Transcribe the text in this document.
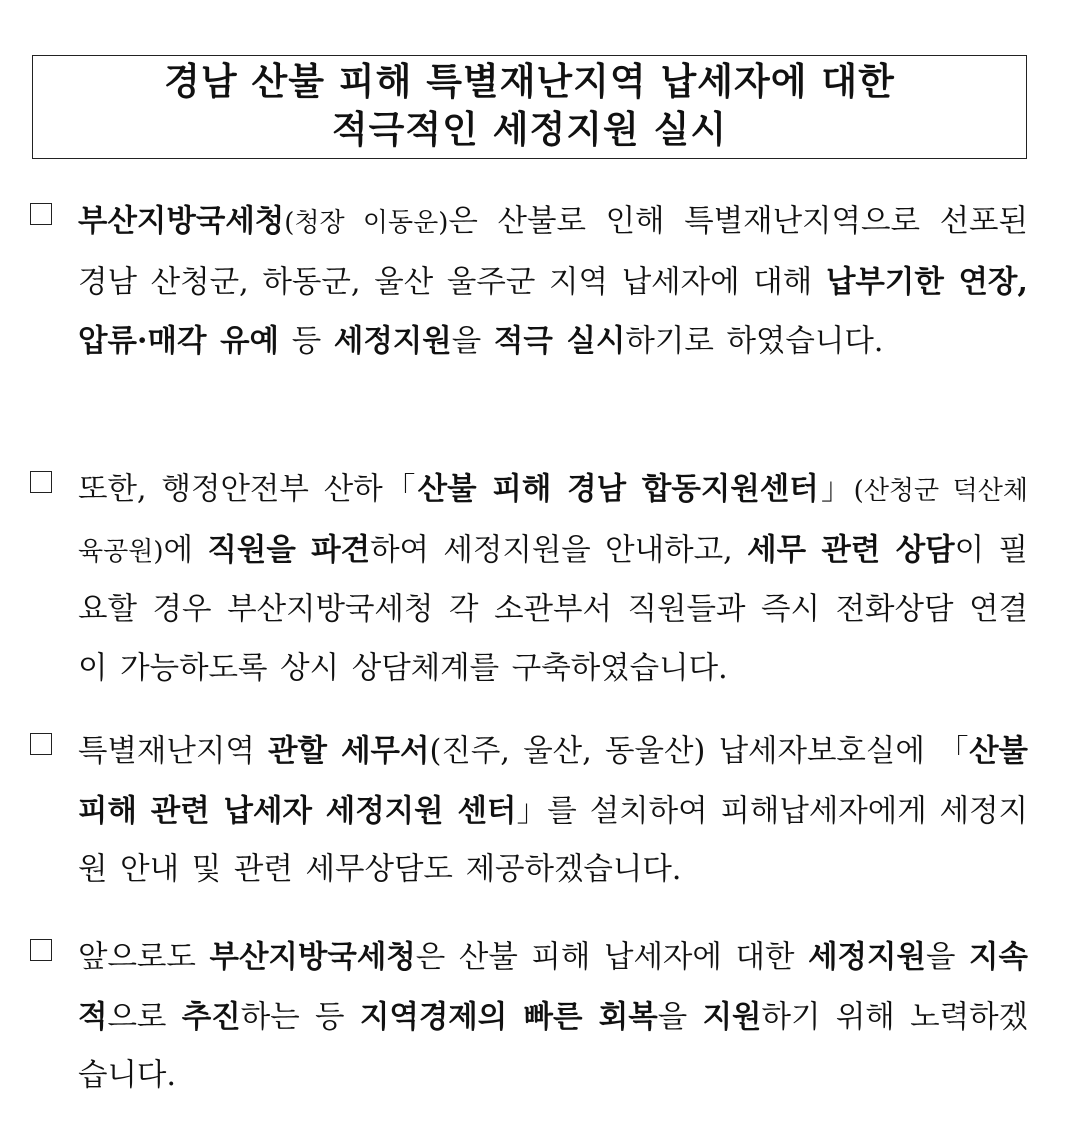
경남 산불 피해 특별재난지역 납세자에 대한
적극적인 세정지원 실시
부산지방국세청(청장 이동운)은 산불로 인해 특별재난지역으로 선포된 경남 산청군, 하동군, 울산 울주군 지역 납세자에 대해 납부기한 연장, 압류·매각 유예 등 세정지원을 적극 실시하기로 하였습니다.
또한, 행정안전부 산하「산불 피해 경남 합동지원센터」(산청군 덕산체육공원)에 직원을 파견하여 세정지원을 안내하고, 세무 관련 상담이 필요할 경우 부산지방국세청 각 소관부서 직원들과 즉시 전화상담 연결이 가능하도록 상시 상담체계를 구축하였습니다.
특별재난지역 관할 세무서(진주, 울산, 동울산) 납세자보호실에 「산불피해 관련 납세자 세정지원 센터」를 설치하여 피해납세자에게 세정지원 안내 및 관련 세무상담도 제공하겠습니다.
앞으로도 부산지방국세청은 산불 피해 납세자에 대한 세정지원을 지속적으로 추진하는 등 지역경제의 빠른 회복을 지원하기 위해 노력하겠습니다.
